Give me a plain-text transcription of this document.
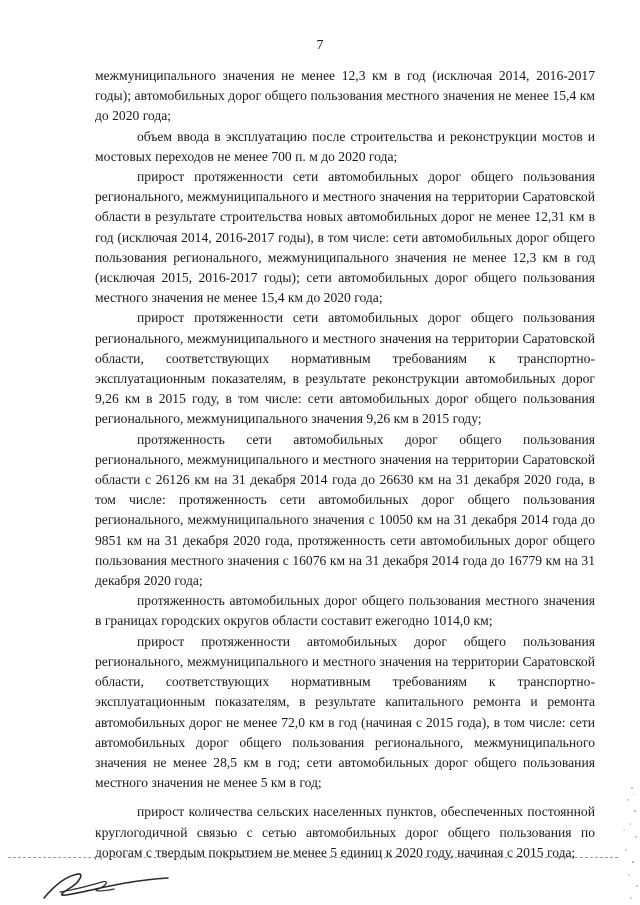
7

межмуниципального значения не менее 12,3 км в год (исключая 2014, 2016-2017 годы); автомобильных дорог общего пользования местного значения не менее 15,4 км до 2020 года;

объем ввода в эксплуатацию после строительства и реконструкции мостов и мостовых переходов не менее 700 п. м до 2020 года;

прирост протяженности сети автомобильных дорог общего пользования регионального, межмуниципального и местного значения на территории Саратовской области в результате строительства новых автомобильных дорог не менее 12,31 км в год (исключая 2014, 2016-2017 годы), в том числе: сети автомобильных дорог общего пользования регионального, межмуниципального значения не менее 12,3 км в год (исключая 2015, 2016-2017 годы); сети автомобильных дорог общего пользования местного значения не менее 15,4 км до 2020 года;

прирост протяженности сети автомобильных дорог общего пользования регионального, межмуниципального и местного значения на территории Саратовской области, соответствующих нормативным требованиям к транспортно-эксплуатационным показателям, в результате реконструкции автомобильных дорог 9,26 км в 2015 году, в том числе: сети автомобильных дорог общего пользования регионального, межмуниципального значения 9,26 км в 2015 году;

протяженность сети автомобильных дорог общего пользования регионального, межмуниципального и местного значения на территории Саратовской области с 26126 км на 31 декабря 2014 года до 26630 км на 31 декабря 2020 года, в том числе: протяженность сети автомобильных дорог общего пользования регионального, межмуниципального значения с 10050 км на 31 декабря 2014 года до 9851 км на 31 декабря 2020 года, протяженность сети автомобильных дорог общего пользования местного значения с 16076 км на 31 декабря 2014 года до 16779 км на 31 декабря 2020 года;

протяженность автомобильных дорог общего пользования местного значения в границах городских округов области составит ежегодно 1014,0 км;

прирост протяженности автомобильных дорог общего пользования регионального, межмуниципального и местного значения на территории Саратовской области, соответствующих нормативным требованиям к транспортно-эксплуатационным показателям, в результате капитального ремонта и ремонта автомобильных дорог не менее 72,0 км в год (начиная с 2015 года), в том числе: сети автомобильных дорог общего пользования регионального, межмуниципального значения не менее 28,5 км в год; сети автомобильных дорог общего пользования местного значения не менее 5 км в год;

прирост количества сельских населенных пунктов, обеспеченных постоянной круглогодичной связью с сетью автомобильных дорог общего пользования по дорогам с твердым покрытием не менее 5 единиц к 2020 году, начиная с 2015 года;
